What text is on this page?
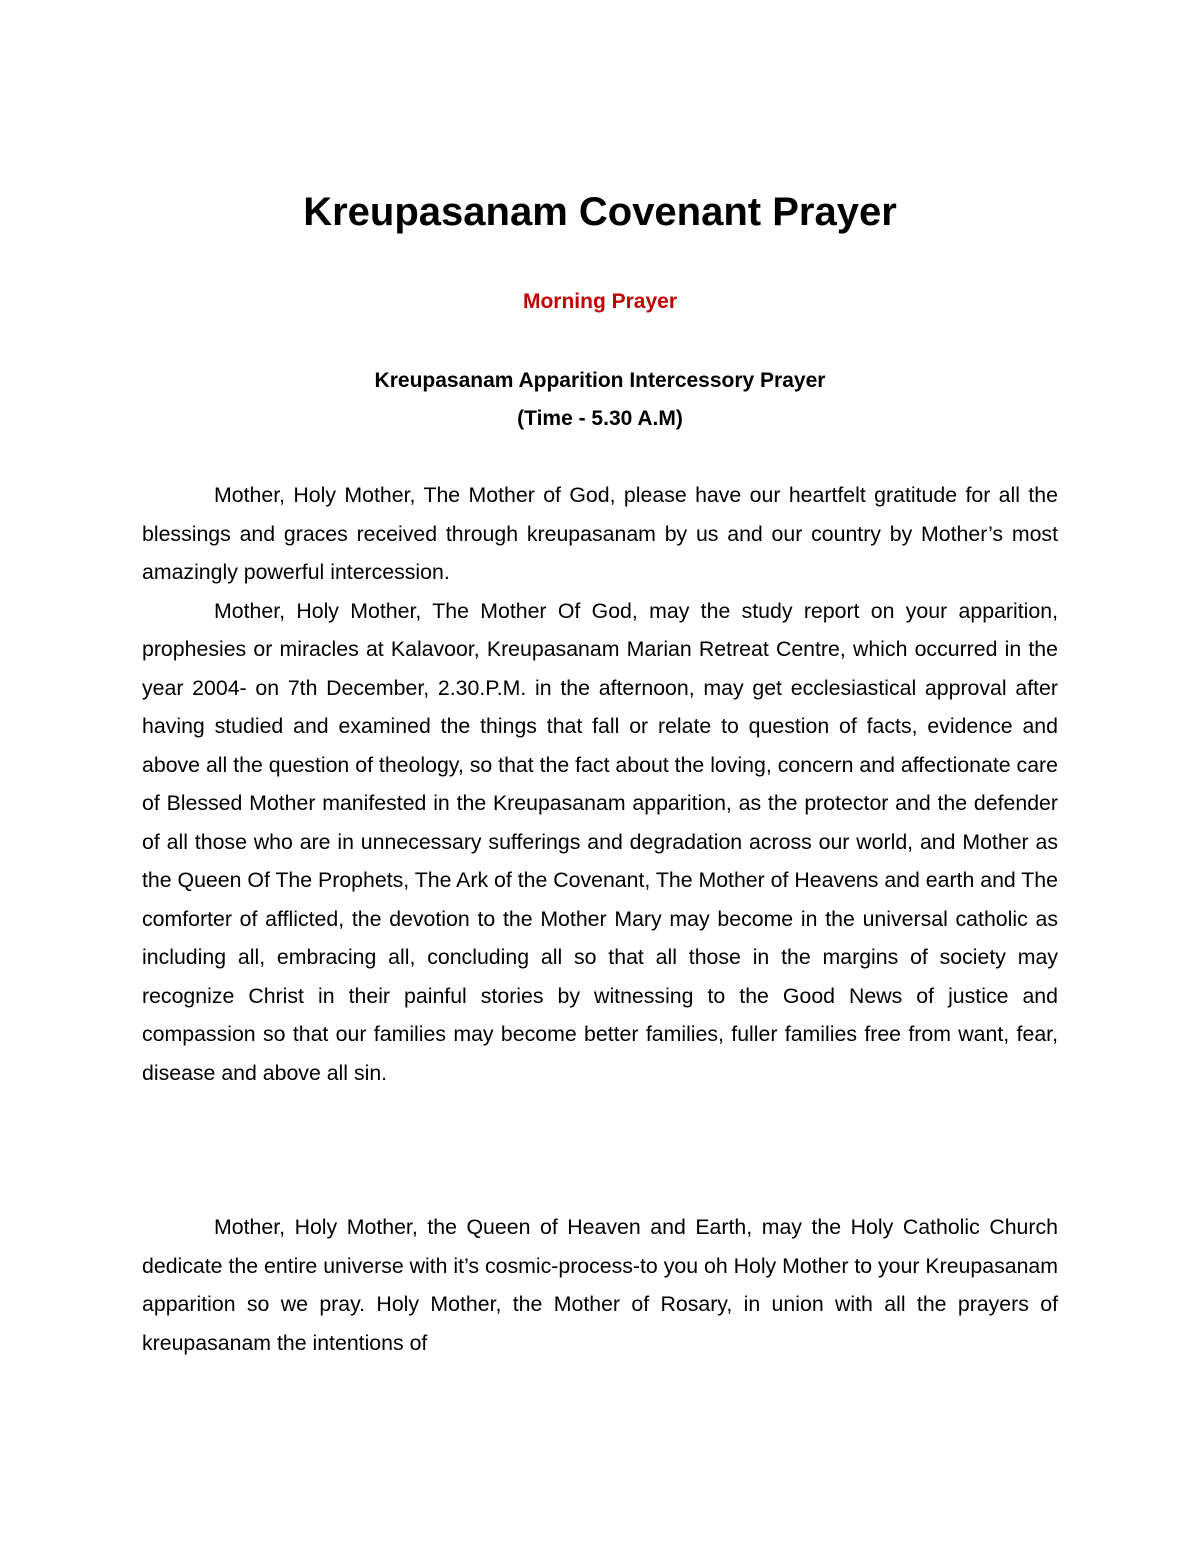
Kreupasanam Covenant Prayer
Morning Prayer
Kreupasanam Apparition Intercessory Prayer
(Time - 5.30 A.M)

Mother, Holy Mother, The Mother of God, please have our heartfelt gratitude for all the blessings and graces received through kreupasanam by us and our country by Mother’s most amazingly powerful intercession.

Mother, Holy Mother, The Mother Of God, may the study report on your apparition, prophesies or miracles at Kalavoor, Kreupasanam Marian Retreat Centre, which occurred in the year 2004- on 7th December, 2.30.P.M. in the afternoon, may get ecclesiastical approval after having studied and examined the things that fall or relate to question of facts, evidence and above all the question of theology, so that the fact about the loving, concern and affectionate care of Blessed Mother manifested in the Kreupasanam apparition, as the protector and the defender of all those who are in unnecessary sufferings and degradation across our world, and Mother as the Queen Of The Prophets, The Ark of the Covenant, The Mother of Heavens and earth and The comforter of afflicted, the devotion to the Mother Mary may become in the universal catholic as including all, embracing all, concluding all so that all those in the margins of society may recognize Christ in their painful stories by witnessing to the Good News of justice and compassion so that our families may become better families, fuller families free from want, fear, disease and above all sin.

Mother, Holy Mother, the Queen of Heaven and Earth, may the Holy Catholic Church dedicate the entire universe with it’s cosmic-process-to you oh Holy Mother to your Kreupasanam apparition so we pray. Holy Mother, the Mother of Rosary, in union with all the prayers of kreupasanam the intentions of
